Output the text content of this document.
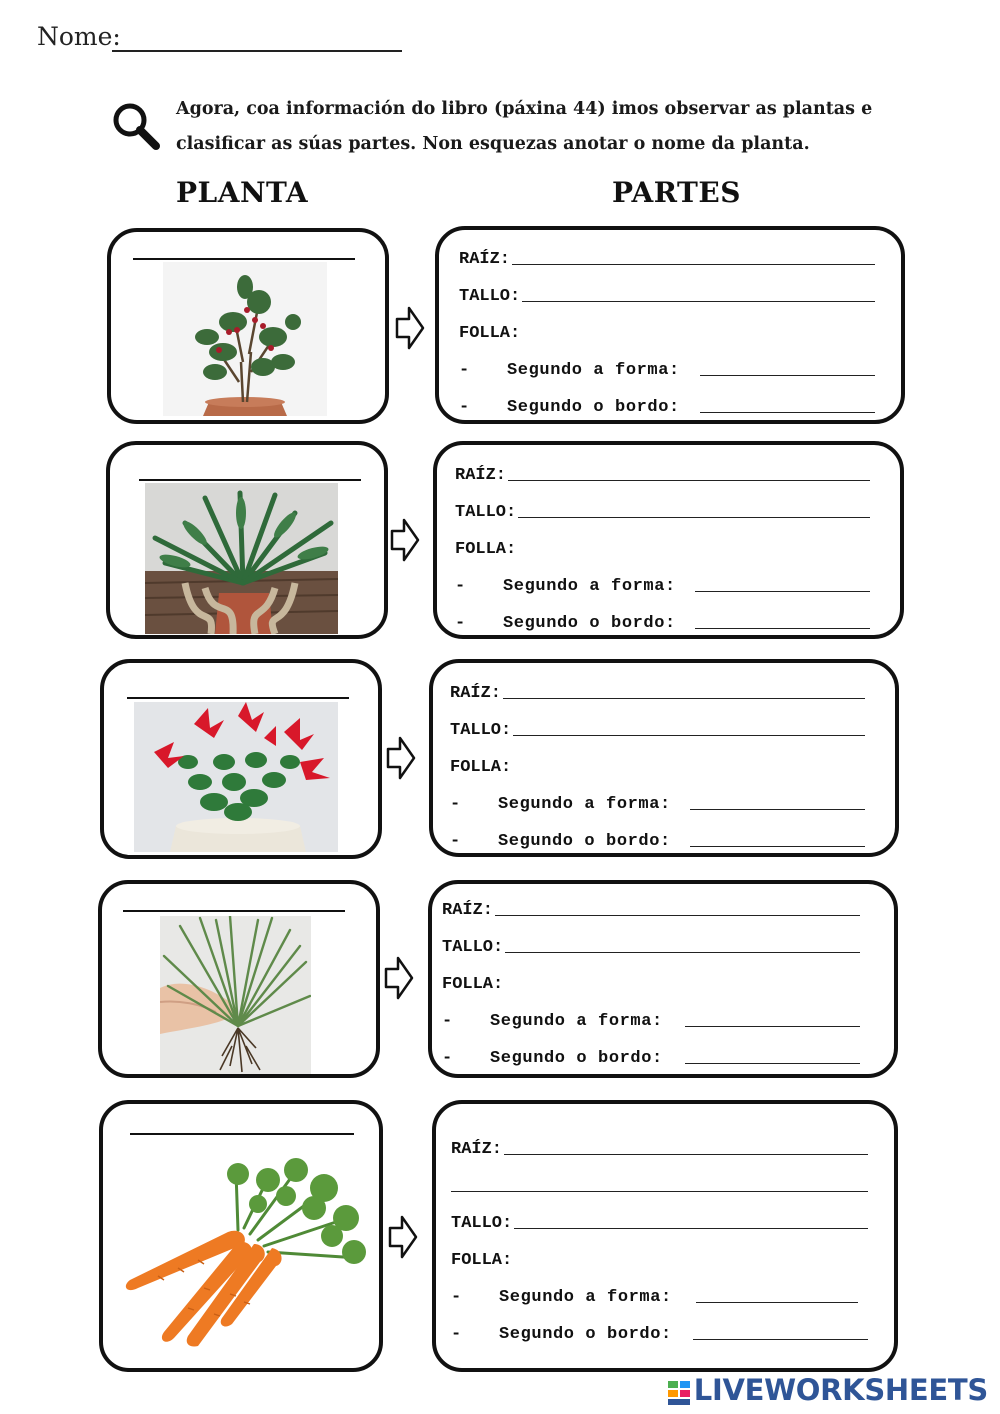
Nome:
Agora, coa información do libro (páxina 44) imos observar as plantas e
clasificar as súas partes. Non esquezas anotar o nome da planta.
PLANTA	PARTES
RAÍZ:
TALLO:
FOLLA:
-	Segundo a forma:
-	Segundo o bordo:
RAÍZ:
TALLO:
FOLLA:
-	Segundo a forma:
-	Segundo o bordo:
RAÍZ:
TALLO:
FOLLA:
-	Segundo a forma:
-	Segundo o bordo:
RAÍZ:
TALLO:
FOLLA:
-	Segundo a forma:
-	Segundo o bordo:
RAÍZ:
TALLO:
FOLLA:
-	Segundo a forma:
-	Segundo o bordo:
LIVEWORKSHEETS
